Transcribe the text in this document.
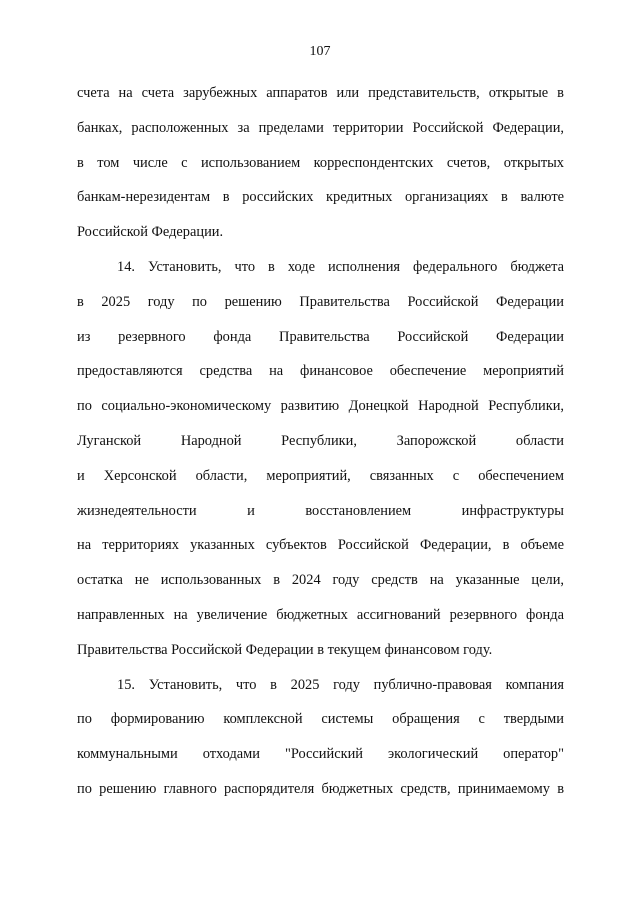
107
счета на счета зарубежных аппаратов или представительств, открытые в
банках, расположенных за пределами территории Российской Федерации,
в том числе с использованием корреспондентских счетов, открытых
банкам-нерезидентам в российских кредитных организациях в валюте
Российской Федерации.
14. Установить, что в ходе исполнения федерального бюджета
в 2025 году по решению Правительства Российской Федерации
из резервного фонда Правительства Российской Федерации
предоставляются средства на финансовое обеспечение мероприятий
по социально-экономическому развитию Донецкой Народной Республики,
Луганской	Народной	Республики,	Запорожской	области
и Херсонской области, мероприятий, связанных с обеспечением
жизнедеятельности	и	восстановлением	инфраструктуры
на территориях указанных субъектов Российской Федерации, в объеме
остатка не использованных в 2024 году средств на указанные цели,
направленных на увеличение бюджетных ассигнований резервного фонда
Правительства Российской Федерации в текущем финансовом году.
15. Установить, что в 2025 году публично-правовая компания
по формированию комплексной системы обращения с твердыми
коммунальными отходами "Российский экологический оператор"
по решению главного распорядителя бюджетных средств, принимаемому в
